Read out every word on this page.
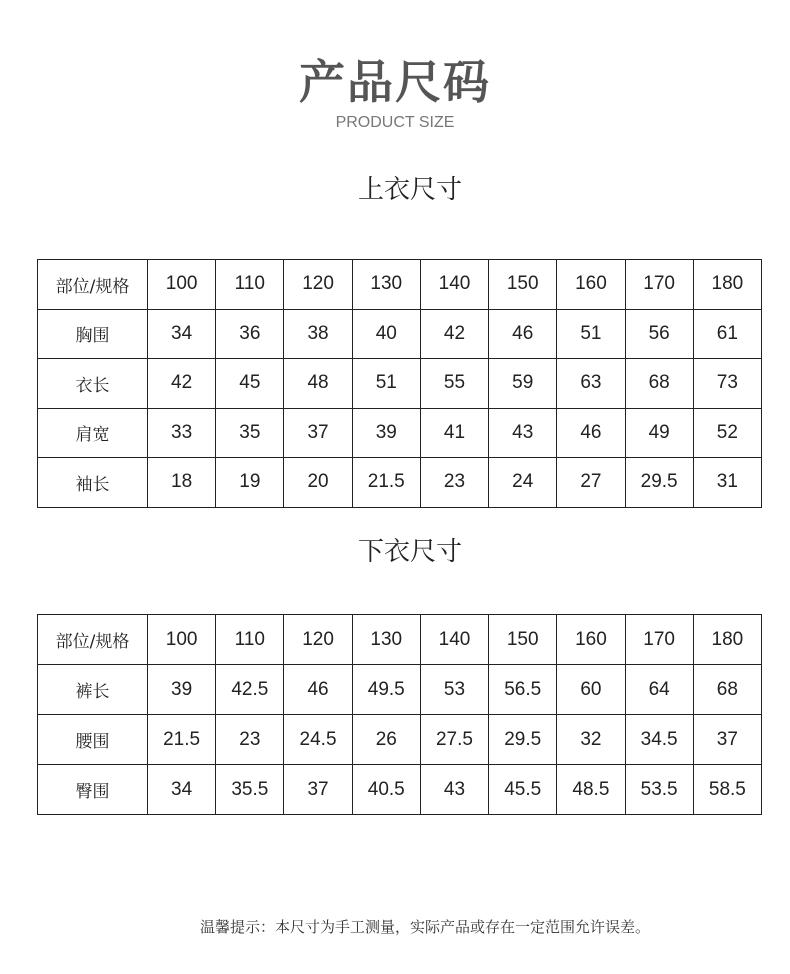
产品尺码
PRODUCT SIZE
上衣尺寸
部位/规格	100	110	120	130	140	150	160	170	180
胸围	34	36	38	40	42	46	51	56	61
衣长	42	45	48	51	55	59	63	68	73
肩宽	33	35	37	39	41	43	46	49	52
袖长	18	19	20	21.5	23	24	27	29.5	31
下衣尺寸
部位/规格	100	110	120	130	140	150	160	170	180
裤长	39	42.5	46	49.5	53	56.5	60	64	68
腰围	21.5	23	24.5	26	27.5	29.5	32	34.5	37
臀围	34	35.5	37	40.5	43	45.5	48.5	53.5	58.5
温馨提示：本尺寸为手工测量，实际产品或存在一定范围允许误差。
